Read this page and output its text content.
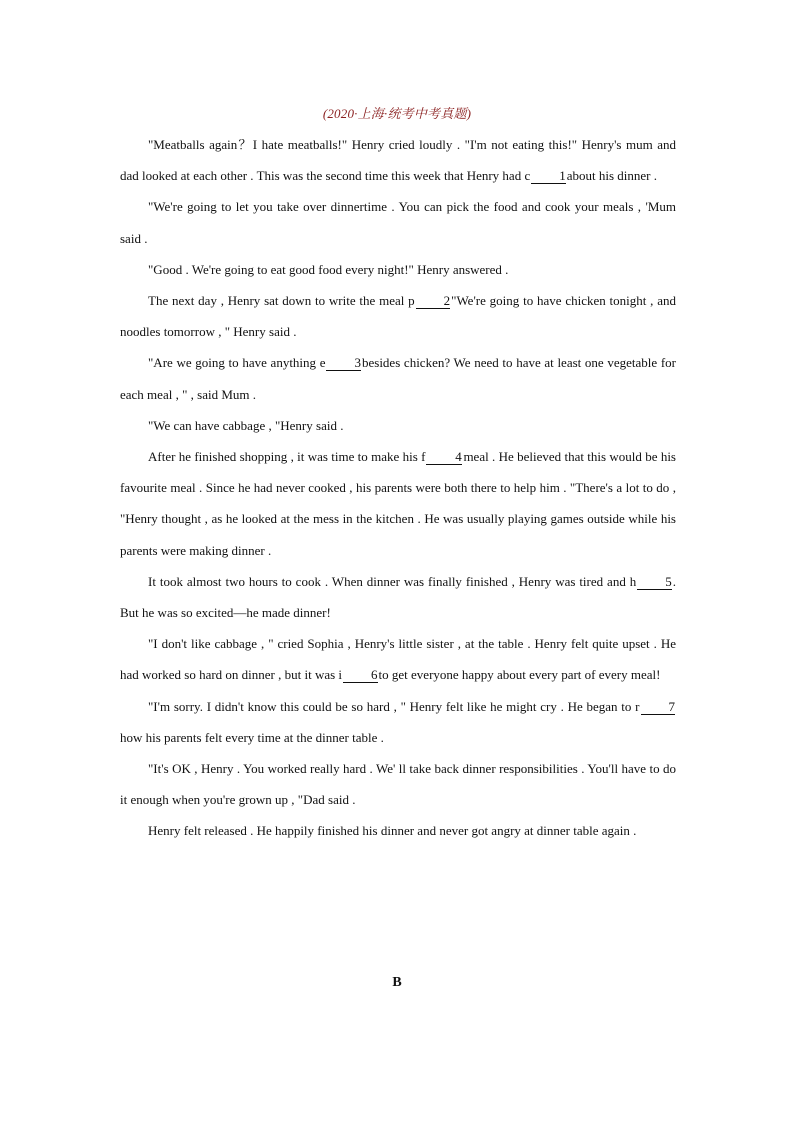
(2020·上海·统考中考真题)

"Meatballs again？I hate meatballs!" Henry cried loudly . "I'm not eating this!" Henry's mum and dad looked at each other . This was the second time this week that Henry had c 1about his dinner .

"We're going to let you take over dinnertime . You can pick the food and cook your meals , 'Mum said .

"Good . We're going to eat good food every night!" Henry answered .

The next day , Henry sat down to write the meal p 2"We're going to have chicken tonight , and noodles tomorrow , " Henry said .

"Are we going to have anything e 3besides chicken? We need to have at least one vegetable for each meal , " , said Mum .

"We can have cabbage , "Henry said .

After he finished shopping , it was time to make his f 4 meal . He believed that this would be his favourite meal . Since he had never cooked , his parents were both there to help him . "There's a lot to do , "Henry thought , as he looked at the mess in the kitchen . He was usually playing games outside while his parents were making dinner .

It took almost two hours to cook . When dinner was finally finished , Henry was tired and h 5. But he was so excited—he made dinner!

"I don't like cabbage , " cried Sophia , Henry's little sister , at the table . Henry felt quite upset . He had worked so hard on dinner , but it was i 6to get everyone happy about every part of every meal!

"I'm sorry. I didn't know this could be so hard , " Henry felt like he might cry . He began to r 7how his parents felt every time at the dinner table .

"It's OK , Henry . You worked really hard . We' ll take back dinner responsibilities . You'll have to do it enough when you're grown up , "Dad said .

Henry felt released . He happily finished his dinner and never got angry at dinner table again .

B
